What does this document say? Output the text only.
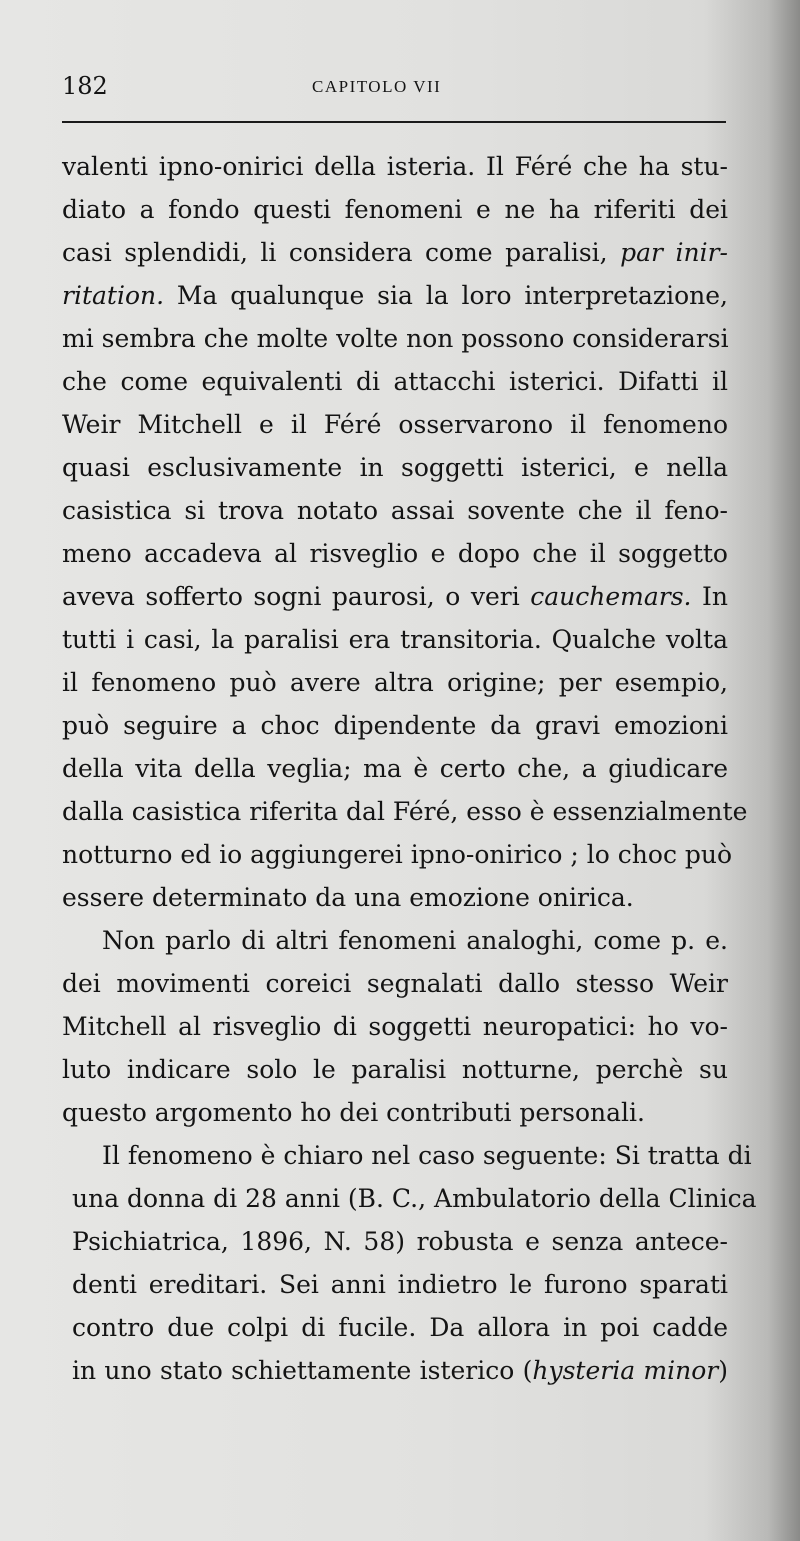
182	CAPITOLO VII
valenti ipno-onirici della isteria. Il Féré che ha stu-
diato a fondo questi fenomeni e ne ha riferiti dei
casi splendidi, li considera come paralisi, par inir-
ritation. Ma qualunque sia la loro interpretazione,
mi sembra che molte volte non possono considerarsi
che come equivalenti di attacchi isterici. Difatti il
Weir Mitchell e il Féré osservarono il fenomeno
quasi esclusivamente in soggetti isterici, e nella
casistica si trova notato assai sovente che il feno-
meno accadeva al risveglio e dopo che il soggetto
aveva sofferto sogni paurosi, o veri cauchemars. In
tutti i casi, la paralisi era transitoria. Qualche volta
il fenomeno può avere altra origine; per esempio,
può seguire a choc dipendente da gravi emozioni
della vita della veglia; ma è certo che, a giudicare
dalla casistica riferita dal Féré, esso è essenzialmente
notturno ed io aggiungerei ipno-onirico ; lo choc può
essere determinato da una emozione onirica.
Non parlo di altri fenomeni analoghi, come p. e.
dei movimenti coreici segnalati dallo stesso Weir
Mitchell al risveglio di soggetti neuropatici: ho vo-
luto indicare solo le paralisi notturne, perchè su
questo argomento ho dei contributi personali.
Il fenomeno è chiaro nel caso seguente: Si tratta di
una donna di 28 anni (B. C., Ambulatorio della Clinica
Psichiatrica, 1896, N. 58) robusta e senza antece-
denti ereditari. Sei anni indietro le furono sparati
contro due colpi di fucile. Da allora in poi cadde
in uno stato schiettamente isterico (hysteria minor)
